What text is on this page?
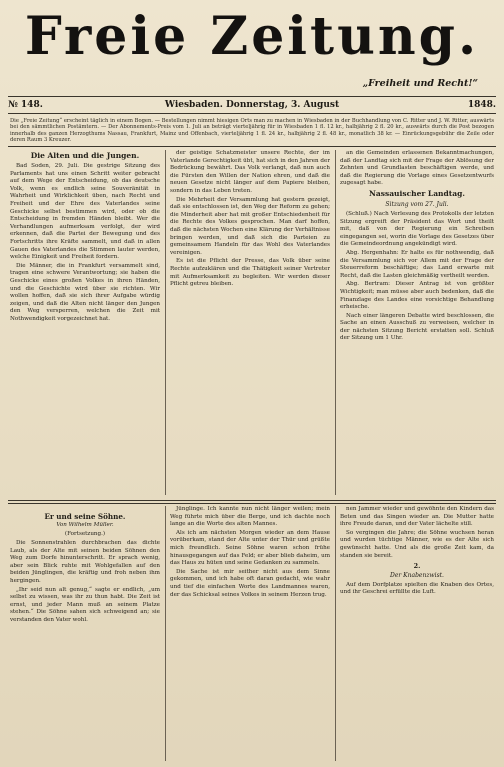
Freie Zeitung.
„Freiheit und Recht!“
№ 148.	Wiesbaden. Donnerstag, 3. August	1848.
Die „Freie Zeitung“ erscheint täglich in einem Bogen. — Bestellungen nimmt hiesigen Orts man zu machen in Wiesbaden in der Buchhandlung von C. Ritter und J. W. Ritter, auswärts bei den sämmtlichen Postämtern. — Der Abonnements-Preis vom 1. Juli an beträgt vierteljährig für in Wiesbaden 1 fl. 12 kr., halbjährig 2 fl. 20 kr., auswärts durch die Post bezogen innerhalb des ganzen Herzogthums Nassau, Frankfurt, Mainz und Offenbach, vierteljährig 1 fl. 24 kr., halbjährig 2 fl. 48 kr., monatlich 38 kr. — Einrückungsgebühr die Zeile oder deren Raum 3 Kreuzer.
Die Alten und die Jungen.

Bad Soden, 29. Juli. Die gestrige Sitzung des Parlaments hat uns einen Schritt weiter gebracht auf dem Wege der Entscheidung, ob das deutsche Volk, wenn es endlich seine Souveränität in Wahrheit und Wirklichkeit üben, nach Recht und Freiheit und der Ehre des Vaterlandes seine Geschicke selbst bestimmen wird, oder ob die Entscheidung in fremden Händen bleibt. Wer die Verhandlungen aufmerksam verfolgt, der wird erkennen, daß die Partei der Bewegung und des Fortschritts ihre Kräfte sammelt, und daß in allen Gauen des Vaterlandes die Stimmen lauter werden, welche Einigkeit und Freiheit fordern.

Die Männer, die in Frankfurt versammelt sind, tragen eine schwere Verantwortung; sie haben die Geschicke eines großen Volkes in ihren Händen, und die Geschichte wird über sie richten. Wir wollen hoffen, daß sie sich ihrer Aufgabe würdig zeigen, und daß die Alten nicht länger den Jungen den Weg versperren, welchen die Zeit mit Nothwendigkeit vorgezeichnet hat.

der geistige Schatzmeister unsere Rechte, der im Vaterlande Gerechtigkeit übt, hat sich in den Jahren der Bedrückung bewährt. Das Volk verlangt, daß nun auch die Fürsten den Willen der Nation ehren, und daß die neuen Gesetze nicht länger auf dem Papiere bleiben, sondern in das Leben treten.

Die Mehrheit der Versammlung hat gestern gezeigt, daß sie entschlossen ist, den Weg der Reform zu gehen; die Minderheit aber hat mit großer Entschiedenheit für die Rechte des Volkes gesprochen. Man darf hoffen, daß die nächsten Wochen eine Klärung der Verhältnisse bringen werden, und daß sich die Parteien zu gemeinsamem Handeln für das Wohl des Vaterlandes vereinigen.

Es ist die Pflicht der Presse, das Volk über seine Rechte aufzuklären und die Thätigkeit seiner Vertreter mit Aufmerksamkeit zu begleiten. Wir werden dieser Pflicht getreu bleiben.

an die Gemeinden erlassenen Bekanntmachungen, daß der Landtag sich mit der Frage der Ablösung der Zehnten und Grundlasten beschäftigen werde, und daß die Regierung die Vorlage eines Gesetzentwurfs zugesagt habe.

Nassauischer Landtag.
Sitzung vom 27. Juli.

(Schluß.) Nach Verlesung des Protokolls der letzten Sitzung ergreift der Präsident das Wort und theilt mit, daß von der Regierung ein Schreiben eingegangen sei, worin die Vorlage des Gesetzes über die Gemeindeordnung angekündigt wird.

Abg. Hergenhahn: Er halte es für nothwendig, daß die Versammlung sich vor Allem mit der Frage der Steuerreform beschäftige; das Land erwarte mit Recht, daß die Lasten gleichmäßig vertheilt werden.

Abg. Bertram: Dieser Antrag ist von größter Wichtigkeit; man müsse aber auch bedenken, daß die Finanzlage des Landes eine vorsichtige Behandlung erheische.

Nach einer längeren Debatte wird beschlossen, die Sache an einen Ausschuß zu verweisen, welcher in der nächsten Sitzung Bericht erstatten soll. Schluß der Sitzung um 1 Uhr.

Er und seine Söhne.
Von Wilhelm Müller.
(Fortsetzung.)

Die Sonnenstrahlen durchbrachen das dichte Laub, als der Alte mit seinen beiden Söhnen den Weg zum Dorfe hinunterschritt. Er sprach wenig, aber sein Blick ruhte mit Wohlgefallen auf den beiden Jünglingen, die kräftig und froh neben ihm hergingen.

„Ihr seid nun alt genug,“ sagte er endlich, „um selbst zu wissen, was ihr zu thun habt. Die Zeit ist ernst, und jeder Mann muß an seinem Platze stehen.“ Die Söhne sahen sich schweigend an; sie verstanden den Vater wohl.

Jünglinge. Ich kannte nun nicht länger weilen; mein Weg führte mich über die Berge, und ich dachte noch lange an die Worte des alten Mannes.

Als ich am nächsten Morgen wieder an dem Hause vorüberkam, stand der Alte unter der Thür und grüßte mich freundlich. Seine Söhne waren schon frühe hinausgegangen auf das Feld; er aber blieb daheim, um das Haus zu hüten und seine Gedanken zu sammeln.

Die Sache ist mir seither nicht aus dem Sinne gekommen, und ich habe oft daran gedacht, wie wahr und tief die einfachen Worte des Landmannes waren, der das Schicksal seines Volkes in seinem Herzen trug.

nen Jammer wieder und gewöhnte den Kindern das Beten und das Singen wieder an. Die Mutter hatte ihre Freude daran, und der Vater lächelte still.

So vergingen die Jahre; die Söhne wuchsen heran und wurden tüchtige Männer, wie es der Alte sich gewünscht hatte. Und als die große Zeit kam, da standen sie bereit.

2.
Der Knabenzwist.

Auf dem Dorfplatze spielten die Knaben des Ortes, und ihr Geschrei erfüllte die Luft.
